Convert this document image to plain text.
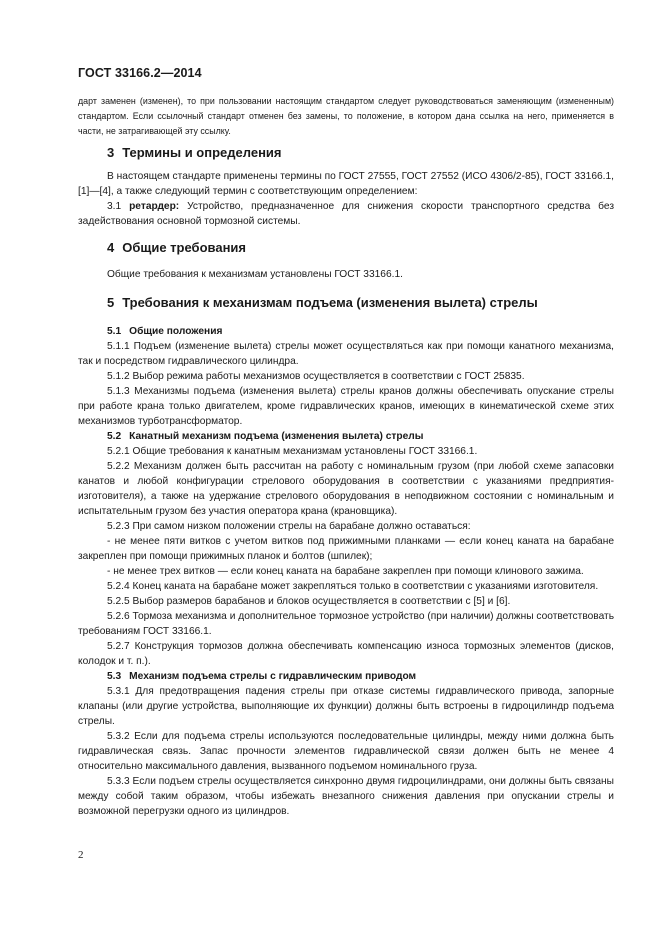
ГОСТ 33166.2—2014

дарт заменен (изменен), то при пользовании настоящим стандартом следует руководствоваться заменяющим (измененным) стандартом. Если ссылочный стандарт отменен без замены, то положение, в котором дана ссылка на него, применяется в части, не затрагивающей эту ссылку.

3 Термины и определения

В настоящем стандарте применены термины по ГОСТ 27555, ГОСТ 27552 (ИСО 4306/2-85), ГОСТ 33166.1, [1]—[4], а также следующий термин с соответствующим определением:

3.1 ретардер: Устройство, предназначенное для снижения скорости транспортного средства без задействования основной тормозной системы.

4 Общие требования

Общие требования к механизмам установлены ГОСТ 33166.1.

5 Требования к механизмам подъема (изменения вылета) стрелы

5.1 Общие положения

5.1.1 Подъем (изменение вылета) стрелы может осуществляться как при помощи канатного механизма, так и посредством гидравлического цилиндра.

5.1.2 Выбор режима работы механизмов осуществляется в соответствии с ГОСТ 25835.

5.1.3 Механизмы подъема (изменения вылета) стрелы кранов должны обеспечивать опускание стрелы при работе крана только двигателем, кроме гидравлических кранов, имеющих в кинематической схеме этих механизмов турботрансформатор.

5.2 Канатный механизм подъема (изменения вылета) стрелы

5.2.1 Общие требования к канатным механизмам установлены ГОСТ 33166.1.

5.2.2 Механизм должен быть рассчитан на работу с номинальным грузом (при любой схеме запасовки канатов и любой конфигурации стрелового оборудования в соответствии с указаниями предприятия-изготовителя), а также на удержание стрелового оборудования в неподвижном состоянии с номинальным и испытательным грузом без участия оператора крана (крановщика).

5.2.3 При самом низком положении стрелы на барабане должно оставаться:

- не менее пяти витков с учетом витков под прижимными планками — если конец каната на барабане закреплен при помощи прижимных планок и болтов (шпилек);

- не менее трех витков — если конец каната на барабане закреплен при помощи клинового зажима.

5.2.4 Конец каната на барабане может закрепляться только в соответствии с указаниями изготовителя.

5.2.5 Выбор размеров барабанов и блоков осуществляется в соответствии с [5] и [6].

5.2.6 Тормоза механизма и дополнительное тормозное устройство (при наличии) должны соответствовать требованиям ГОСТ 33166.1.

5.2.7 Конструкция тормозов должна обеспечивать компенсацию износа тормозных элементов (дисков, колодок и т. п.).

5.3 Механизм подъема стрелы с гидравлическим приводом

5.3.1 Для предотвращения падения стрелы при отказе системы гидравлического привода, запорные клапаны (или другие устройства, выполняющие их функции) должны быть встроены в гидроцилиндр подъема стрелы.

5.3.2 Если для подъема стрелы используются последовательные цилиндры, между ними должна быть гидравлическая связь. Запас прочности элементов гидравлической связи должен быть не менее 4 относительно максимального давления, вызванного подъемом номинального груза.

5.3.3 Если подъем стрелы осуществляется синхронно двумя гидроцилиндрами, они должны быть связаны между собой таким образом, чтобы избежать внезапного снижения давления при опускании стрелы и возможной перегрузки одного из цилиндров.

2
